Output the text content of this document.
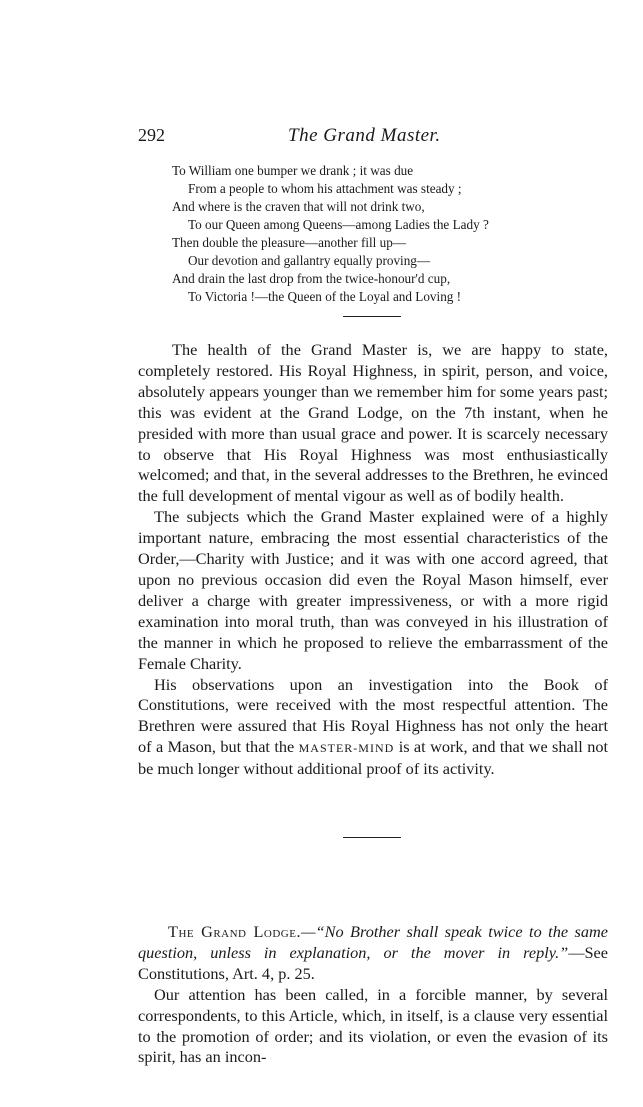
292	The Grand Master.
To William one bumper we drank ; it was due
From a people to whom his attachment was steady ;
And where is the craven that will not drink two,
To our Queen among Queens—among Ladies the Lady ?
Then double the pleasure—another fill up—
Our devotion and gallantry equally proving—
And drain the last drop from the twice-honour'd cup,
To Victoria !—the Queen of the Loyal and Loving !

The health of the Grand Master is, we are happy to state, completely restored. His Royal Highness, in spirit, person, and voice, absolutely appears younger than we remember him for some years past; this was evident at the Grand Lodge, on the 7th instant, when he presided with more than usual grace and power. It is scarcely necessary to observe that His Royal Highness was most enthusiastically welcomed; and that, in the several addresses to the Brethren, he evinced the full development of mental vigour as well as of bodily health.

The subjects which the Grand Master explained were of a highly important nature, embracing the most essential characteristics of the Order,—Charity with Justice; and it was with one accord agreed, that upon no previous occasion did even the Royal Mason himself, ever deliver a charge with greater impressiveness, or with a more rigid examination into moral truth, than was conveyed in his illustration of the manner in which he proposed to relieve the embarrassment of the Female Charity.

His observations upon an investigation into the Book of Constitutions, were received with the most respectful attention. The Brethren were assured that His Royal Highness has not only the heart of a Mason, but that the MASTER-MIND is at work, and that we shall not be much longer without additional proof of its activity.

The Grand Lodge.—“No Brother shall speak twice to the same question, unless in explanation, or the mover in reply.”—See Constitutions, Art. 4, p. 25.

Our attention has been called, in a forcible manner, by several correspondents, to this Article, which, in itself, is a clause very essential to the promotion of order; and its violation, or even the evasion of its spirit, has an incon-
